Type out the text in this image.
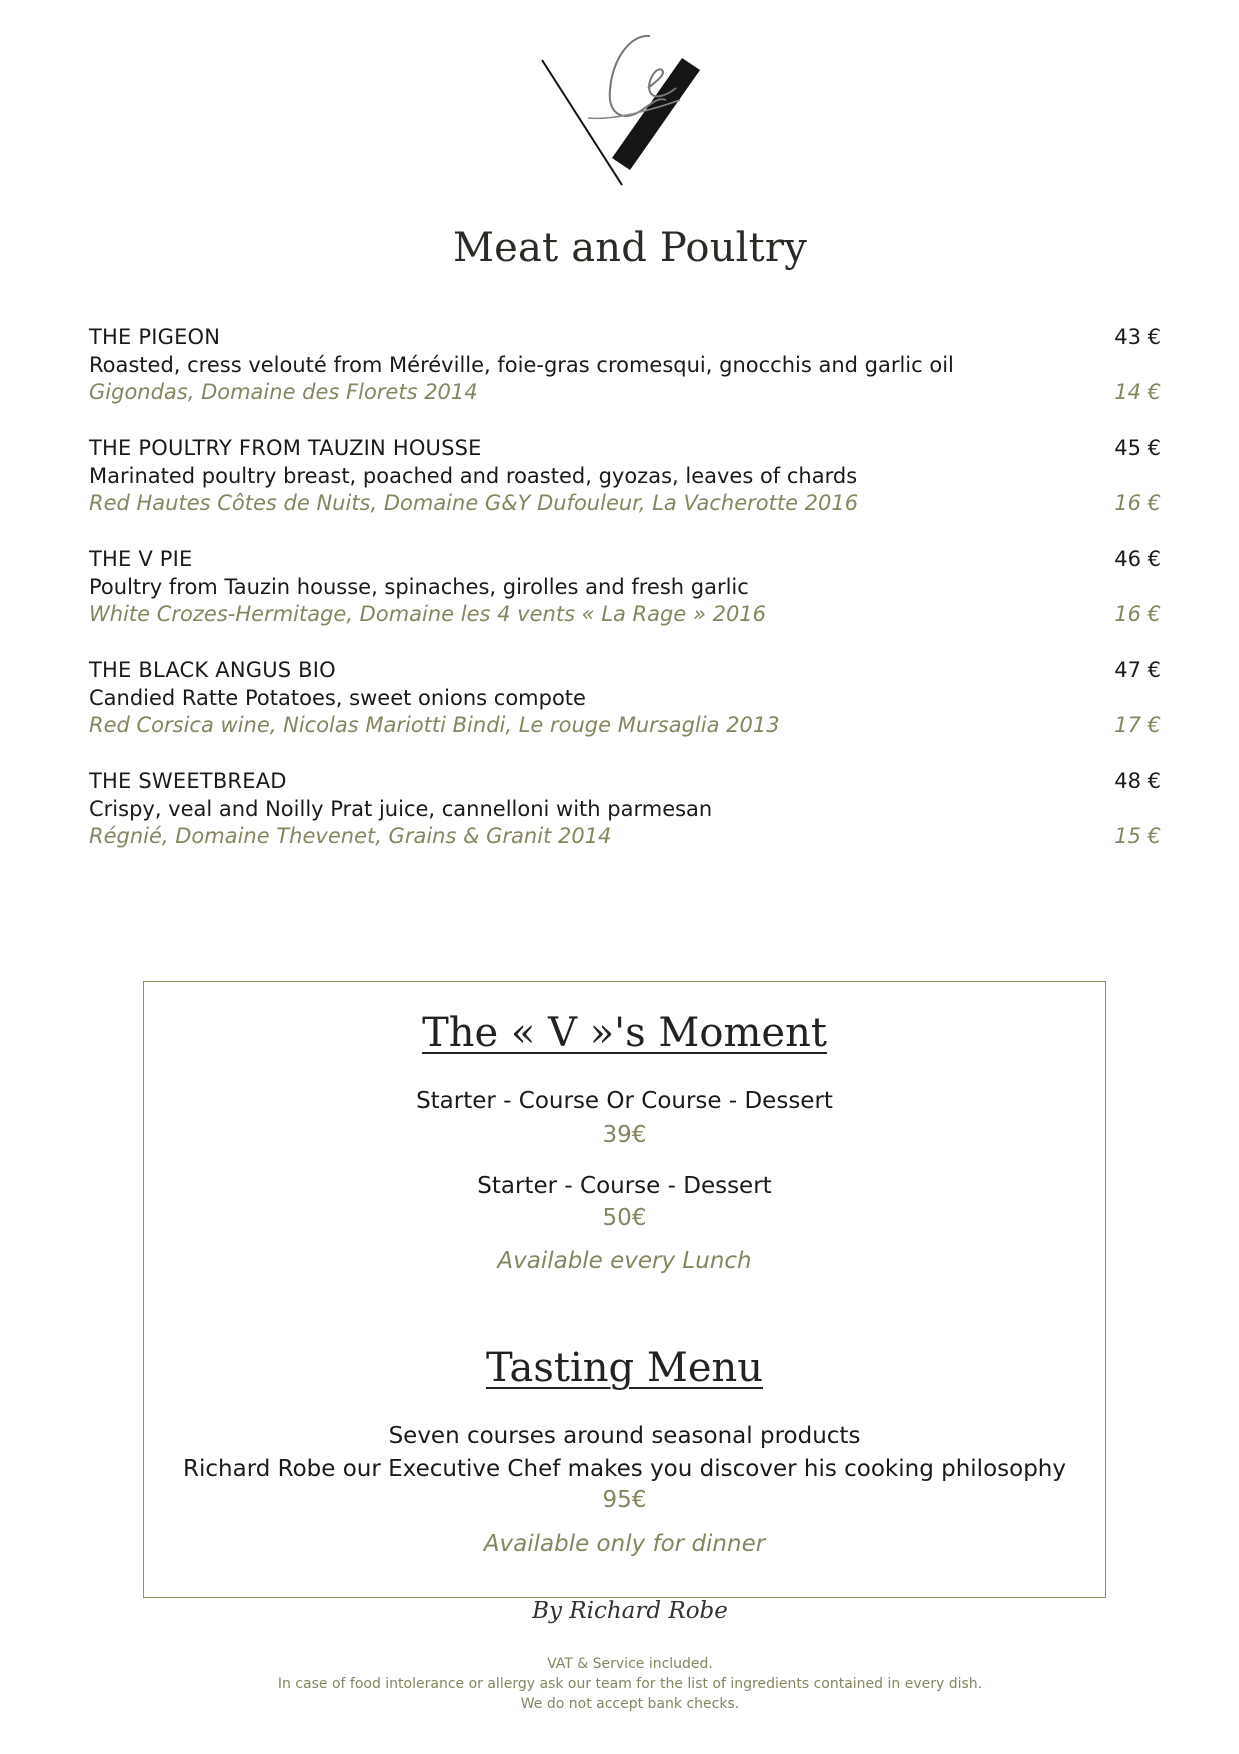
Meat and Poultry
THE PIGEON	43 €
Roasted, cress velouté from Méréville, foie-gras cromesqui, gnocchis and garlic oil
Gigondas, Domaine des Florets 2014	14 €
THE POULTRY FROM TAUZIN HOUSSE	45 €
Marinated poultry breast, poached and roasted, gyozas, leaves of chards
Red Hautes Côtes de Nuits, Domaine G&Y Dufouleur, La Vacherotte 2016	16 €
THE V PIE	46 €
Poultry from Tauzin housse, spinaches, girolles and fresh garlic
White Crozes-Hermitage, Domaine les 4 vents « La Rage » 2016	16 €
THE BLACK ANGUS BIO	47 €
Candied Ratte Potatoes, sweet onions compote
Red Corsica wine, Nicolas Mariotti Bindi, Le rouge Mursaglia 2013	17 €
THE SWEETBREAD	48 €
Crispy, veal and Noilly Prat juice, cannelloni with parmesan
Régnié, Domaine Thevenet, Grains & Granit 2014	15 €
The « V »'s Moment
Starter - Course Or Course - Dessert
39€
Starter - Course - Dessert
50€
Available every Lunch
Tasting Menu
Seven courses around seasonal products
Richard Robe our Executive Chef makes you discover his cooking philosophy
95€
Available only for dinner
By Richard Robe
VAT & Service included.
In case of food intolerance or allergy ask our team for the list of ingredients contained in every dish.
We do not accept bank checks.
